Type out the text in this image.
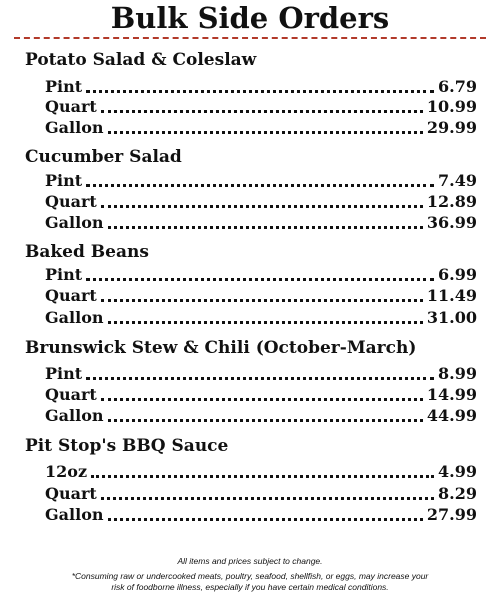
Bulk Side Orders
Potato Salad & Coleslaw
Pint	6.79
Quart	10.99
Gallon	29.99
Cucumber Salad
Pint	7.49
Quart	12.89
Gallon	36.99
Baked Beans
Pint	6.99
Quart	11.49
Gallon	31.00
Brunswick Stew & Chili (October-March)
Pint	8.99
Quart	14.99
Gallon	44.99
Pit Stop's BBQ Sauce
12oz	4.99
Quart	8.29
Gallon	27.99
All items and prices subject to change.
*Consuming raw or undercooked meats, poultry, seafood, shellfish, or eggs, may increase your
risk of foodborne illness, especially if you have certain medical conditions.
